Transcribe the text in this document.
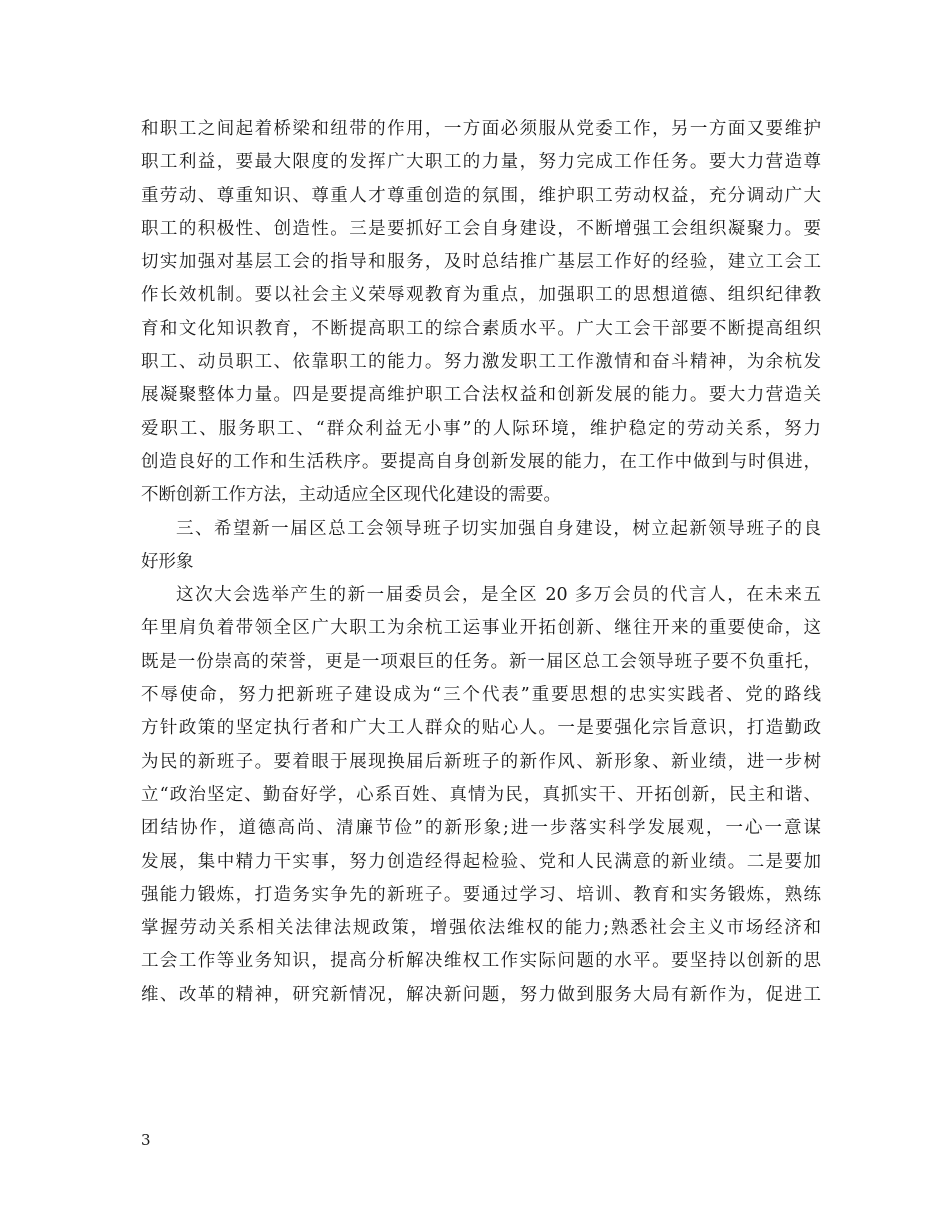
和职工之间起着桥梁和纽带的作用，一方面必须服从党委工作，另一方面又要维护
职工利益，要最大限度的发挥广大职工的力量，努力完成工作任务。要大力营造尊
重劳动、尊重知识、尊重人才尊重创造的氛围，维护职工劳动权益，充分调动广大
职工的积极性、创造性。三是要抓好工会自身建设，不断增强工会组织凝聚力。要
切实加强对基层工会的指导和服务，及时总结推广基层工作好的经验，建立工会工
作长效机制。要以社会主义荣辱观教育为重点，加强职工的思想道德、组织纪律教
育和文化知识教育，不断提高职工的综合素质水平。广大工会干部要不断提高组织
职工、动员职工、依靠职工的能力。努力激发职工工作激情和奋斗精神，为余杭发
展凝聚整体力量。四是要提高维护职工合法权益和创新发展的能力。要大力营造关
爱职工、服务职工、“群众利益无小事”的人际环境，维护稳定的劳动关系，努力
创造良好的工作和生活秩序。要提高自身创新发展的能力，在工作中做到与时俱进，
不断创新工作方法，主动适应全区现代化建设的需要。
三、希望新一届区总工会领导班子切实加强自身建设，树立起新领导班子的良
好形象
这次大会选举产生的新一届委员会，是全区 20 多万会员的代言人，在未来五
年里肩负着带领全区广大职工为余杭工运事业开拓创新、继往开来的重要使命，这
既是一份崇高的荣誉，更是一项艰巨的任务。新一届区总工会领导班子要不负重托，
不辱使命，努力把新班子建设成为“三个代表”重要思想的忠实实践者、党的路线
方针政策的坚定执行者和广大工人群众的贴心人。一是要强化宗旨意识，打造勤政
为民的新班子。要着眼于展现换届后新班子的新作风、新形象、新业绩，进一步树
立“政治坚定、勤奋好学，心系百姓、真情为民，真抓实干、开拓创新，民主和谐、
团结协作，道德高尚、清廉节俭”的新形象;进一步落实科学发展观，一心一意谋
发展，集中精力干实事，努力创造经得起检验、党和人民满意的新业绩。二是要加
强能力锻炼，打造务实争先的新班子。要通过学习、培训、教育和实务锻炼，熟练
掌握劳动关系相关法律法规政策，增强依法维权的能力;熟悉社会主义市场经济和
工会工作等业务知识，提高分析解决维权工作实际问题的水平。要坚持以创新的思
维、改革的精神，研究新情况，解决新问题，努力做到服务大局有新作为，促进工
3
